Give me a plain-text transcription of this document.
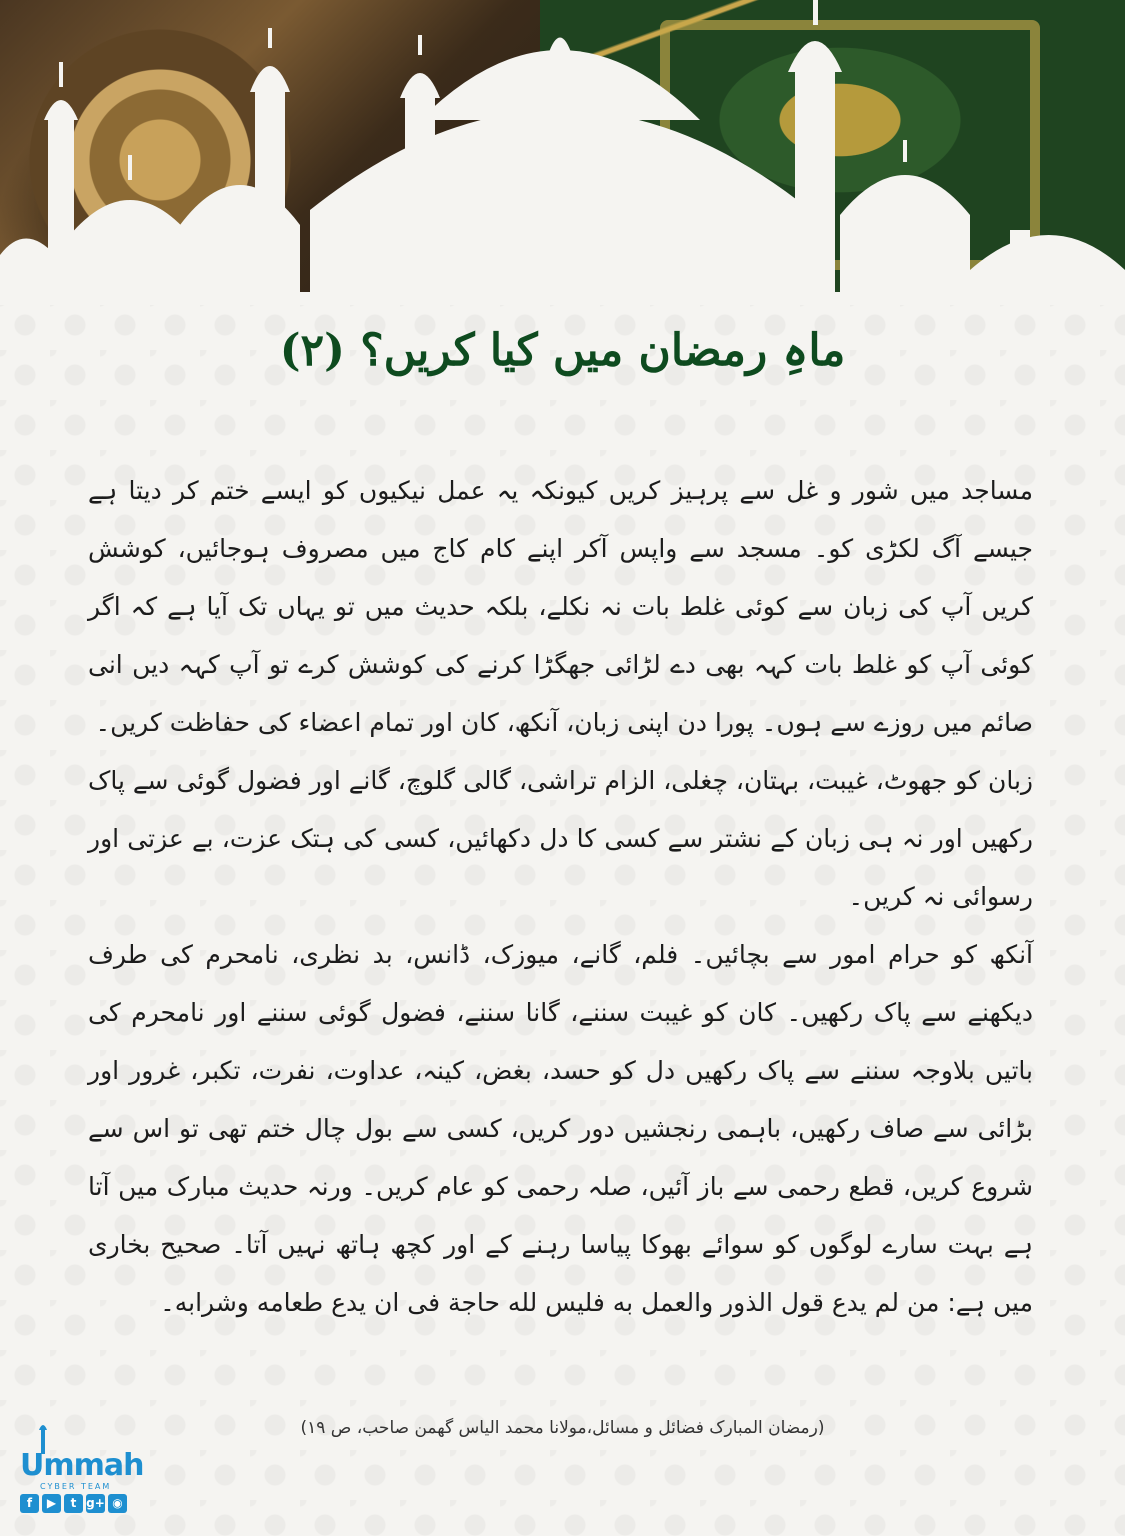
ماہِ رمضان میں کیا کریں؟ (۲)

مساجد میں شور و غل سے پرہیز کریں کیونکہ یہ عمل نیکیوں کو ایسے ختم کر دیتا ہے جیسے آگ لکڑی کو۔ مسجد سے واپس آکر اپنے کام کاج میں مصروف ہوجائیں، کوشش کریں آپ کی زبان سے کوئی غلط بات نہ نکلے، بلکہ حدیث میں تو یہاں تک آیا ہے کہ اگر کوئی آپ کو غلط بات کہہ بھی دے لڑائی جھگڑا کرنے کی کوشش کرے تو آپ کہہ دیں انی صائم میں روزے سے ہوں۔ پورا دن اپنی زبان، آنکھ، کان اور تمام اعضاء کی حفاظت کریں۔

زبان کو جھوٹ، غیبت، بہتان، چغلی، الزام تراشی، گالی گلوچ، گانے اور فضول گوئی سے پاک رکھیں اور نہ ہی زبان کے نشتر سے کسی کا دل دکھائیں، کسی کی ہتک عزت، بے عزتی اور رسوائی نہ کریں۔

آنکھ کو حرام امور سے بچائیں۔ فلم، گانے، میوزک، ڈانس، بد نظری، نامحرم کی طرف دیکھنے سے پاک رکھیں۔ کان کو غیبت سننے، گانا سننے، فضول گوئی سننے اور نامحرم کی باتیں بلاوجہ سننے سے پاک رکھیں دل کو حسد، بغض، کینہ، عداوت، نفرت، تکبر، غرور اور بڑائی سے صاف رکھیں، باہمی رنجشیں دور کریں، کسی سے بول چال ختم تھی تو اس سے شروع کریں، قطع رحمی سے باز آئیں، صلہ رحمی کو عام کریں۔ ورنہ حدیث مبارک میں آتا ہے بہت سارے لوگوں کو سوائے بھوکا پیاسا رہنے کے اور کچھ ہاتھ نہیں آتا۔ صحیح بخاری میں ہے: من لم یدع قول الذور والعمل به فلیس لله حاجة فی ان یدع طعامه وشرابه۔

(رمضان المبارک فضائل و مسائل،مولانا محمد الیاس گھمن صاحب، ص ۱۹)
Ummah
CYBER TEAM
f	▶	t g+ ◉
